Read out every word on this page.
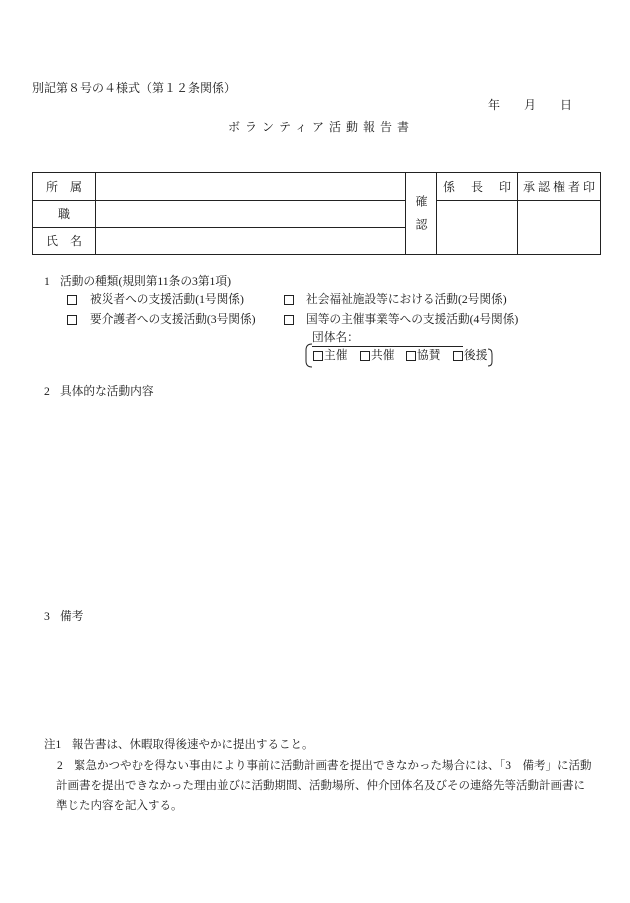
別記第８号の４様式（第１２条関係）
年　　月　　日
ボランティア活動報告書
所　属		確認	係　長　印	承認権者印
職				
氏　名				
1 活動の種類(規則第11条の3第1項)
被災者への支援活動(1号関係)	社会福祉施設等における活動(2号関係)
要介護者への支援活動(3号関係)	国等の主催事業等への支援活動(4号関係)
団体名：
主催 共催 協賛 後援
2 具体的な活動内容
3 備考
注1 報告書は、休暇取得後速やかに提出すること。
2 緊急かつやむを得ない事由により事前に活動計画書を提出できなかった場合には、「3　備考」に活動
計画書を提出できなかった理由並びに活動期間、活動場所、仲介団体名及びその連絡先等活動計画書に
準じた内容を記入する。
